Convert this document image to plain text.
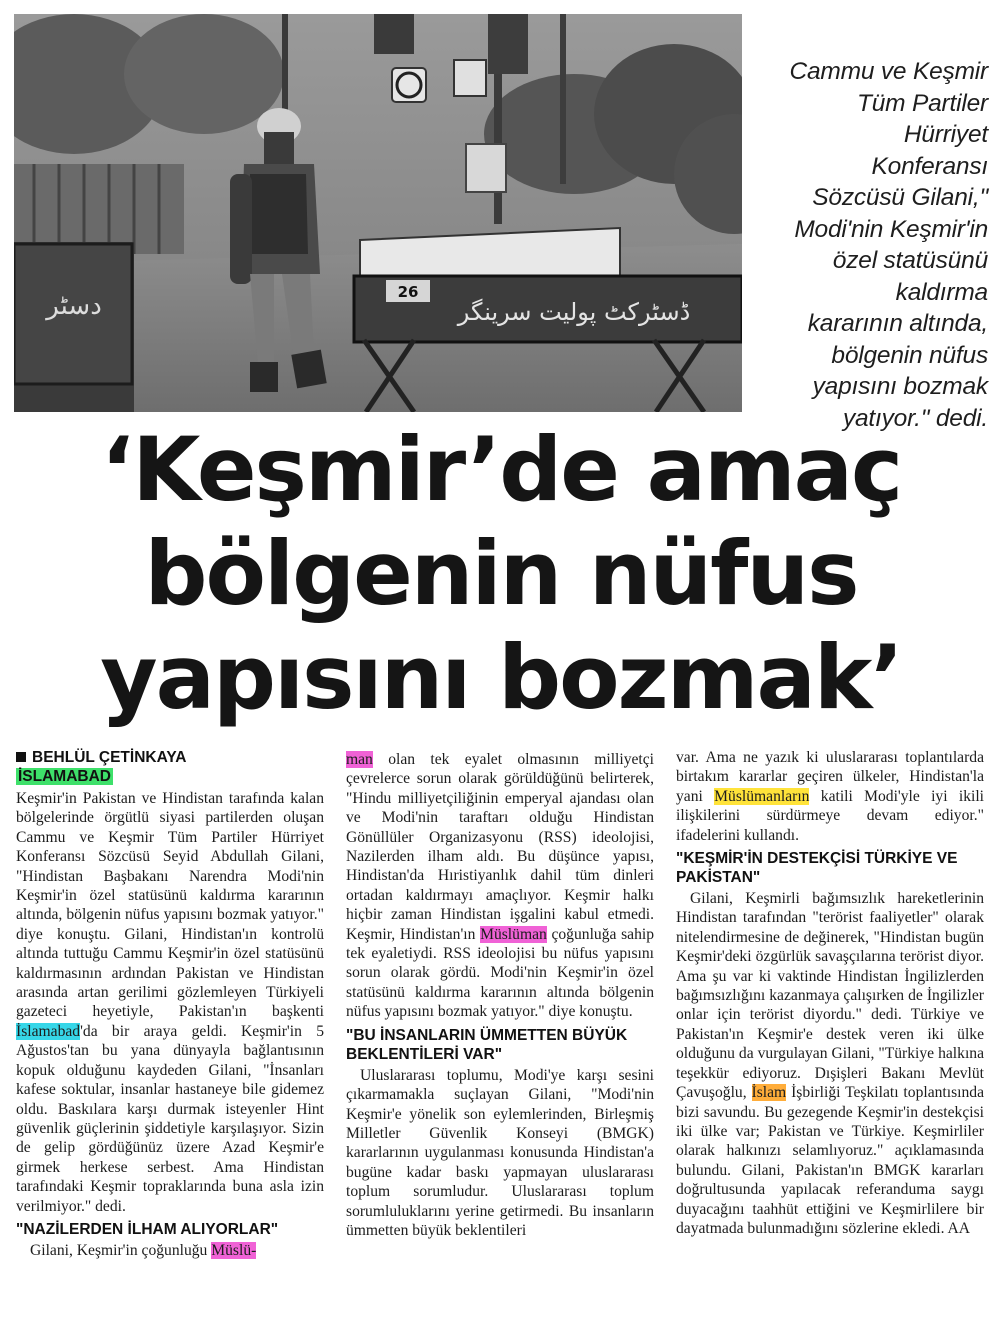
دسٹر	26
ڈسٹرکٹ پولیت سرینگر
Cammu ve Keşmir
Tüm Partiler
Hürriyet
Konferansı
Sözcüsü Gilani,"
Modi'nin Keşmir'in
özel statüsünü
kaldırma
kararının altında,
bölgenin nüfus
yapısını bozmak
yatıyor." dedi.
‘Keşmir’de amaç
bölgenin nüfus
yapısını bozmak’
BEHLÜL ÇETİNKAYA
İSLAMABAD

Keşmir'in Pakistan ve Hindistan tarafında kalan bölgelerinde örgütlü siyasi partilerden oluşan Cammu ve Keşmir Tüm Partiler Hürriyet Konferansı Sözcüsü Seyid Abdullah Gilani, "Hindistan Başbakanı Narendra Modi'nin Keşmir'in özel statüsünü kaldırma kararının altında, bölgenin nüfus yapısını bozmak yatıyor." diye konuştu. Gilani, Hindistan'ın kontrolü altında tuttuğu Cammu Keşmir'in özel statüsünü kaldırmasının ardından Pakistan ve Hindistan arasında artan gerilimi gözlemleyen Türkiyeli gazeteci heyetiyle, Pakistan'ın başkenti İslamabad'da bir araya geldi. Keşmir'in 5 Ağustos'tan bu yana dünyayla bağlantısının kopuk olduğunu kaydeden Gilani, "İnsanları kafese soktular, insanlar hastaneye bile gidemez oldu. Baskılara karşı durmak isteyenler Hint güvenlik güçlerinin şiddetiyle karşılaşıyor. Sizin de gelip gördüğünüz üzere Azad Keşmir'e girmek herkese serbest. Ama Hindistan tarafındaki Keşmir topraklarında buna asla izin verilmiyor." dedi.

"NAZİLERDEN İLHAM ALIYORLAR"

Gilani, Keşmir'in çoğunluğu Müslü-

man olan tek eyalet olmasının milliyetçi çevrelerce sorun olarak görüldüğünü belirterek, "Hindu milliyetçiliğinin emperyal ajandası olan ve Modi'nin taraftarı olduğu Hindistan Gönüllüler Organizasyonu (RSS) ideolojisi, Nazilerden ilham aldı. Bu düşünce yapısı, Hindistan'da Hıristiyanlık dahil tüm dinleri ortadan kaldırmayı amaçlıyor. Keşmir halkı hiçbir zaman Hindistan işgalini kabul etmedi. Keşmir, Hindistan'ın Müslüman çoğunluğa sahip tek eyaletiydi. RSS ideolojisi bu nüfus yapısını sorun olarak gördü. Modi'nin Keşmir'in özel statüsünü kaldırma kararının altında bölgenin nüfus yapısını bozmak yatıyor." diye konuştu.

"BU İNSANLARIN ÜMMETTEN BÜYÜK BEKLENTİLERİ VAR"

Uluslararası toplumu, Modi'ye karşı sesini çıkarmamakla suçlayan Gilani, "Modi'nin Keşmir'e yönelik son eylemlerinden, Birleşmiş Milletler Güvenlik Konseyi (BMGK) kararlarının uygulanması konusunda Hindistan'a bugüne kadar baskı yapmayan uluslararası toplum sorumludur. Uluslararası toplum sorumluluklarını yerine getirmedi. Bu insanların ümmetten büyük beklentileri

var. Ama ne yazık ki uluslararası toplantılarda birtakım kararlar geçiren ülkeler, Hindistan'la yani Müslümanların katili Modi'yle iyi ikili ilişkilerini sürdürmeye devam ediyor." ifadelerini kullandı.

"KEŞMİR'İN DESTEKÇİSİ TÜRKİYE VE PAKİSTAN"

Gilani, Keşmirli bağımsızlık hareketlerinin Hindistan tarafından "terörist faaliyetler" olarak nitelendirmesine de değinerek, "Hindistan bugün Keşmir'deki özgürlük savaşçılarına terörist diyor. Ama şu var ki vaktinde Hindistan İngilizlerden bağımsızlığını kazanmaya çalışırken de İngilizler onlar için terörist diyordu." dedi. Türkiye ve Pakistan'ın Keşmir'e destek veren iki ülke olduğunu da vurgulayan Gilani, "Türkiye halkına teşekkür ediyoruz. Dışişleri Bakanı Mevlüt Çavuşoğlu, İslam İşbirliği Teşkilatı toplantısında bizi savundu. Bu gezegende Keşmir'in destekçisi iki ülke var; Pakistan ve Türkiye. Keşmirliler olarak halkınızı selamlıyoruz." açıklamasında bulundu. Gilani, Pakistan'ın BMGK kararları doğrultusunda yapılacak referanduma saygı duyacağını taahhüt ettiğini ve Keşmirlilere bir dayatmada bulunmadığını sözlerine ekledi. AA
